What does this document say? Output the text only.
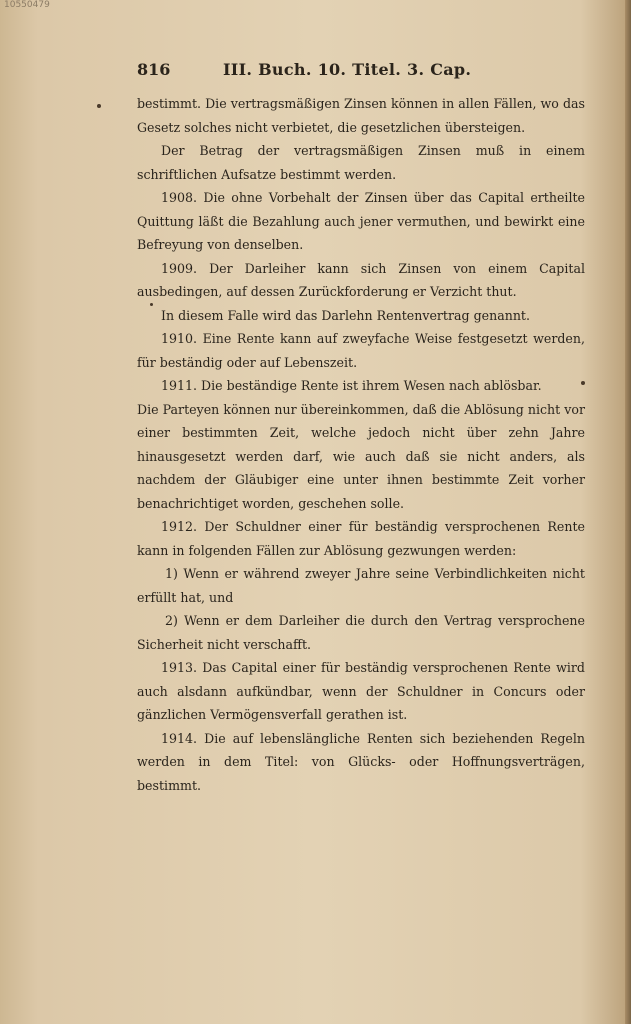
10550479
816	III. Buch. 10. Titel. 3. Cap.

bestimmt. Die vertragsmäßigen Zinsen können in allen Fällen, wo das Gesetz solches nicht verbietet, die gesetzlichen übersteigen.

Der Betrag der vertragsmäßigen Zinsen muß in einem schriftlichen Aufsatze bestimmt werden.

1908. Die ohne Vorbehalt der Zinsen über das Capital ertheilte Quittung läßt die Bezahlung auch jener vermuthen, und bewirkt eine Befreyung von denselben.

1909. Der Darleiher kann sich Zinsen von einem Capital ausbedingen, auf dessen Zurückforderung er Verzicht thut.

In diesem Falle wird das Darlehn Rentenvertrag genannt.

1910. Eine Rente kann auf zweyfache Weise festgesetzt werden, für beständig oder auf Lebenszeit.

1911. Die beständige Rente ist ihrem Wesen nach ablösbar.

Die Parteyen können nur übereinkommen, daß die Ablösung nicht vor einer bestimmten Zeit, welche jedoch nicht über zehn Jahre hinausgesetzt werden darf, wie auch daß sie nicht anders, als nachdem der Gläubiger eine unter ihnen bestimmte Zeit vorher benachrichtiget worden, geschehen solle.

1912. Der Schuldner einer für beständig versprochenen Rente kann in folgenden Fällen zur Ablösung gezwungen werden:

1) Wenn er während zweyer Jahre seine Verbindlichkeiten nicht erfüllt hat, und

2) Wenn er dem Darleiher die durch den Vertrag versprochene Sicherheit nicht verschafft.

1913. Das Capital einer für beständig versprochenen Rente wird auch alsdann aufkündbar, wenn der Schuldner in Concurs oder gänzlichen Vermögensverfall gerathen ist.

1914. Die auf lebenslängliche Renten sich beziehenden Regeln werden in dem Titel: von Glücks- oder Hoffnungsverträgen, bestimmt.
